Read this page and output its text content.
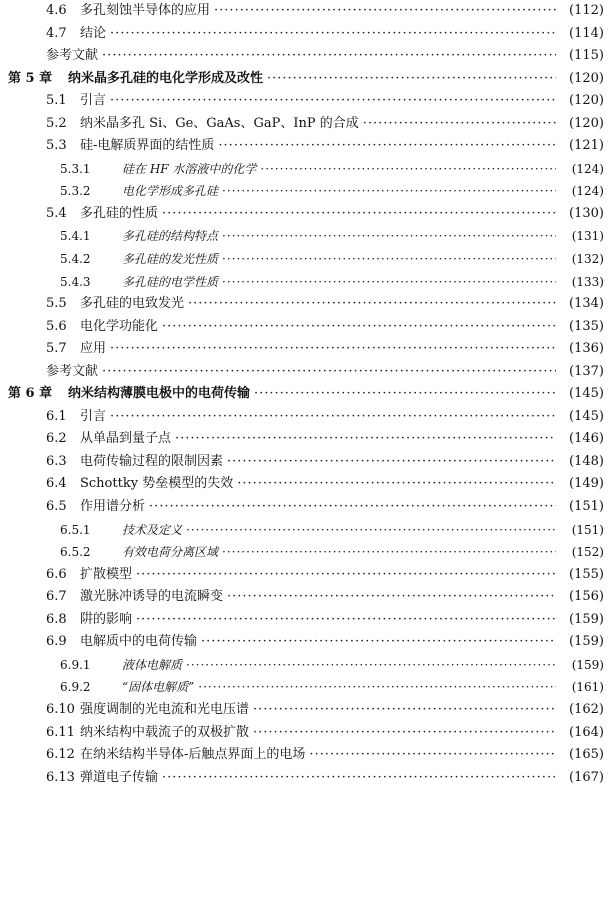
4.6	多孔刻蚀半导体的应用 ·····	(112)
4.7	结论 ·····	(114)
参考文献 ·····	(115)
第 5 章	纳米晶多孔硅的电化学形成及改性 ·····	(120)
5.1	引言 ·····	(120)
5.2	纳米晶多孔 Si、Ge、GaAs、GaP、InP 的合成 ·····	(120)
5.3	硅-电解质界面的结性质 ·····	(121)
5.3.1	硅在 HF 水溶液中的化学 ·····	(124)
5.3.2	电化学形成多孔硅 ·····	(124)
5.4	多孔硅的性质 ·····	(130)
5.4.1	多孔硅的结构特点 ·····	(131)
5.4.2	多孔硅的发光性质 ·····	(132)
5.4.3	多孔硅的电学性质 ·····	(133)
5.5	多孔硅的电致发光 ·····	(134)
5.6	电化学功能化 ·····	(135)
5.7	应用 ·····	(136)
参考文献 ·····	(137)
第 6 章	纳米结构薄膜电极中的电荷传输 ·····	(145)
6.1	引言 ·····	(145)
6.2	从单晶到量子点 ·····	(146)
6.3	电荷传输过程的限制因素 ·····	(148)
6.4	Schottky 势垒模型的失效 ·····	(149)
6.5	作用谱分析 ·····	(151)
6.5.1	技术及定义 ·····	(151)
6.5.2	有效电荷分离区域 ·····	(152)
6.6	扩散模型 ·····	(155)
6.7	激光脉冲诱导的电流瞬变 ·····	(156)
6.8	阱的影响 ·····	(159)
6.9	电解质中的电荷传输 ·····	(159)
6.9.1	液体电解质 ·····	(159)
6.9.2	“固体电解质” ·····	(161)
6.10 强度调制的光电流和光电压谱 ·····	(162)
6.11 纳米结构中载流子的双极扩散 ·····	(164)
6.12 在纳米结构半导体-后触点界面上的电场 ·····	(165)
6.13 弹道电子传输 ·····	(167)
